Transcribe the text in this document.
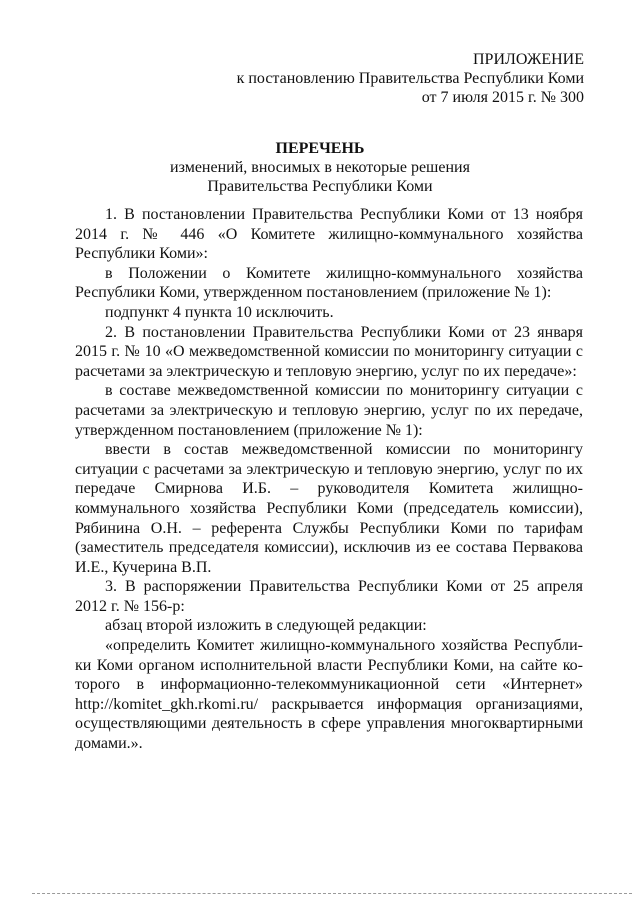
ПРИЛОЖЕНИЕ
к постановлению Правительства Республики Коми
от 7 июля 2015 г. № 300
ПЕРЕЧЕНЬ
изменений, вносимых в некоторые решения
Правительства Республики Коми

1. В постановлении Правительства Республики Коми от 13 ноября 2014 г. № 446 «О Комитете жилищно-коммунального хозяйства Республики Коми»:

в Положении о Комитете жилищно-коммунального хозяйства Республики Коми, утвержденном постановлением (приложение № 1):

подпункт 4 пункта 10 исключить.

2. В постановлении Правительства Республики Коми от 23 января 2015 г. № 10 «О межведомственной комиссии по мониторингу ситуации с расчетами за электрическую и тепловую энергию, услуг по их передаче»:

в составе межведомственной комиссии по мониторингу ситуации с расчетами за электрическую и тепловую энергию, услуг по их передаче, утвержденном постановлением (приложение № 1):

ввести в состав межведомственной комиссии по мониторингу ситуации с расчетами за электрическую и тепловую энергию, услуг по их передаче Смирнова И.Б. – руководителя Комитета жилищно-коммунального хозяйства Республики Коми (председатель комиссии), Рябинина О.Н. – референта Службы Республики Коми по тарифам (заместитель председателя комиссии), исключив из ее состава Первакова И.Е., Кучерина В.П.

3. В распоряжении Правительства Республики Коми от 25 апреля 2012 г. № 156-р:

абзац второй изложить в следующей редакции:

«определить Комитет жилищно-коммунального хозяйства Республики Коми органом исполнительной власти Республики Коми, на сайте которого в информационно-телекоммуникационной сети «Интернет» http://komitet_gkh.rkomi.ru/ раскрывается информация организациями, осуществляющими деятельность в сфере управления многоквартирными домами.».
